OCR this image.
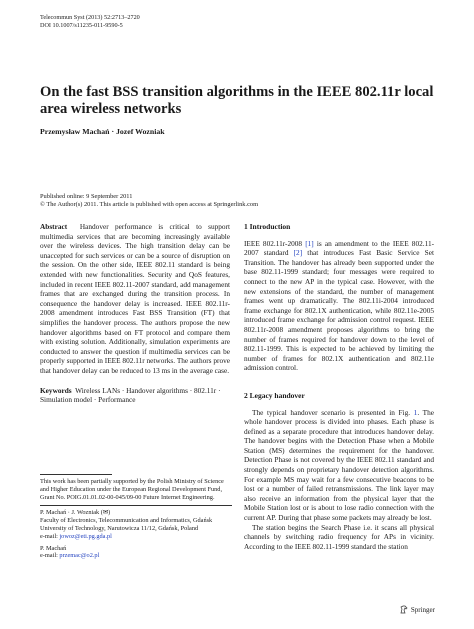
Telecommun Syst (2013) 52:2713–2720
DOI 10.1007/s11235-011-9590-5
On the fast BSS transition algorithms in the IEEE 802.11r local area wireless networks
Przemysław Machań · Jozef Wozniak
Published online: 9 September 2011
© The Author(s) 2011. This article is published with open access at Springerlink.com

Abstract Handover performance is critical to support multimedia services that are becoming increasingly available over the wireless devices. The high transition delay can be unaccepted for such services or can be a source of disruption on the session. On the other side, IEEE 802.11 standard is being extended with new functionalities. Security and QoS features, included in recent IEEE 802.11-2007 standard, add management frames that are exchanged during the transition process. In consequence the handover delay is increased. IEEE 802.11r-2008 amendment introduces Fast BSS Transition (FT) that simplifies the handover process. The authors propose the new handover algorithms based on FT protocol and compare them with existing solution. Additionally, simulation experiments are conducted to answer the question if multimedia services can be properly supported in IEEE 802.11r networks. The authors prove that handover delay can be reduced to 13 ms in the average case.

Keywords Wireless LANs · Handover algorithms · 802.11r · Simulation model · Performance

This work has been partially supported by the Polish Ministry of Science and Higher Education under the European Regional Development Fund, Grant No. POIG.01.01.02-00-045/09-00 Future Internet Engineering.

P. Machań · J. Wozniak (✉)

Faculty of Electronics, Telecommunication and Informatics, Gdańsk University of Technology, Narutowicza 11/12, Gdańsk, Poland

e-mail: jowoz@eti.pg.gda.pl

P. Machań

e-mail: przemac@o2.pl

1 Introduction

IEEE 802.11r-2008 [1] is an amendment to the IEEE 802.11-2007 standard [2] that introduces Fast Basic Service Set Transition. The handover has already been supported under the base 802.11-1999 standard; four messages were required to connect to the new AP in the typical case. However, with the new extensions of the standard, the number of management frames went up dramatically. The 802.11i-2004 introduced frame exchange for 802.1X authentication, while 802.11e-2005 introduced frame exchange for admission control request. IEEE 802.11r-2008 amendment proposes algorithms to bring the number of frames required for handover down to the level of 802.11-1999. This is expected to be achieved by limiting the number of frames for 802.1X authentication and 802.11e admission control.

2 Legacy handover

The typical handover scenario is presented in Fig. 1. The whole handover process is divided into phases. Each phase is defined as a separate procedure that introduces handover delay. The handover begins with the Detection Phase when a Mobile Station (MS) determines the requirement for the handover. Detection Phase is not covered by the IEEE 802.11 standard and strongly depends on proprietary handover detection algorithms. For example MS may wait for a few consecutive beacons to be lost or a number of failed retransmissions. The link layer may also receive an information from the physical layer that the Mobile Station lost or is about to lose radio connection with the current AP. During that phase some packets may already be lost.

The station begins the Search Phase i.e. it scans all physical channels by switching radio frequency for APs in vicinity. According to the IEEE 802.11-1999 standard the station

Springer
